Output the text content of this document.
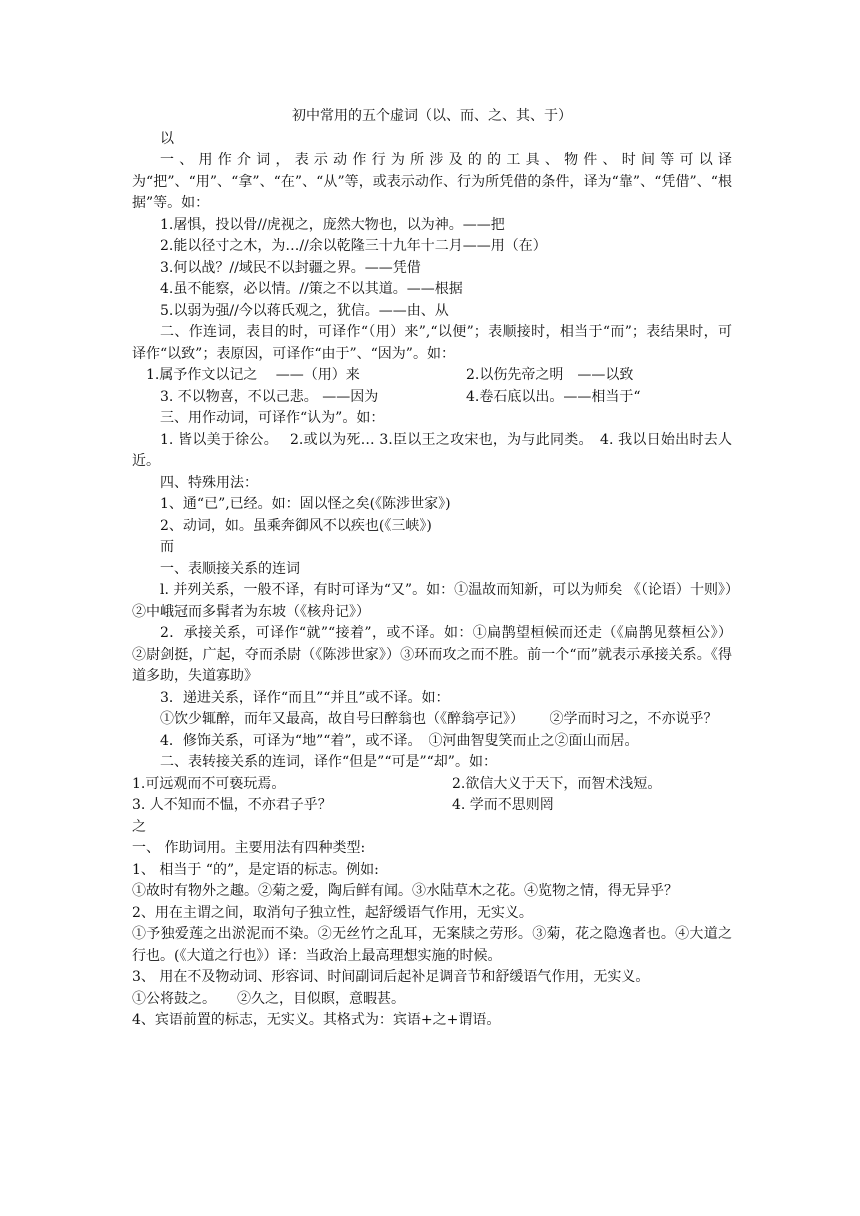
初中常用的五个虚词（以、而、之、其、于）
以
一、用作介词，表示动作行为所涉及的的工具、物件、时间等可以译为“把”、“用”、“拿”、“在”、“从”等，或表示动作、行为所凭借的条件，译为“靠”、“凭借”、“根据”等。如：
1.屠惧，投以骨//虎视之，庞然大物也，以为神。——把
2.能以径寸之木，为…//余以乾隆三十九年十二月——用（在）
3.何以战？//域民不以封疆之界。——凭借
4.虽不能察，必以情。//策之不以其道。——根据
5.以弱为强//今以蒋氏观之，犹信。——由、从
二、作连词，表目的时，可译作“（用）来”,“以便”；表顺接时，相当于“而”；表结果时，可译作“以致”；表原因，可译作“由于”、“因为”。如：
1.属予作文以记之　 ——（用）来	2.以伤先帝之明　——以致
3. 不以物喜，不以己悲。 ——因为	4.卷石底以出。——相当于“
三、用作动词，可译作“认为”。如：
1. 皆以美于徐公。　 2.或以为死… 3.臣以王之攻宋也，为与此同类。　4. 我以日始出时去人近。
四、特殊用法：
1、通“已”,已经。如：固以怪之矣(《陈涉世家》)
2、动词，如。虽乘奔御风不以疾也(《三峡》)
而
一、表顺接关系的连词
l. 并列关系，一般不译，有时可译为“又”。如：①温故而知新，可以为师矣 《（论语）十则》）②中峨冠而多髯者为东坡（《核舟记》）
2．承接关系，可译作“就”“接着”，或不译。如：①扁鹊望桓候而还走（《扁鹊见蔡桓公》） ②尉剑挺，广起，夺而杀尉（《陈涉世家》）③环而攻之而不胜。前一个“而”就表示承接关系。《得道多助，失道寡助》
3．递进关系，译作“而且”“并且”或不译。如：
①饮少辄醉，而年又最高，故自号曰醉翁也（《醉翁亭记》）　　 ②学而时习之，不亦说乎？
4．修饰关系，可译为“地”“着”，或不译。　①河曲智叟笑而止之②面山而居。
二、表转接关系的连词，译作“但是”“可是”“却”。如：
1.可远观而不可亵玩焉。	2.欲信大义于天下，而智术浅短。
3. 人不知而不愠，不亦君子乎？	4. 学而不思则罔
之
一、 作助词用。主要用法有四种类型:
1、 相当于 “的”，是定语的标志。例如:
①故时有物外之趣。②菊之爱，陶后鲜有闻。③水陆草木之花。④览物之情，得无异乎？
2、用在主谓之间，取消句子独立性，起舒缓语气作用，无实义。
①予独爱莲之出淤泥而不染。②无丝竹之乱耳，无案牍之劳形。③菊，花之隐逸者也。④大道之行也。(《大道之行也》）译：当政治上最高理想实施的时候。
3、 用在不及物动词、形容词、时间副词后起补足调音节和舒缓语气作用，无实义。
①公将鼓之。　　②久之，目似瞑，意暇甚。
4、宾语前置的标志，无实义。其格式为：宾语+之+谓语。
